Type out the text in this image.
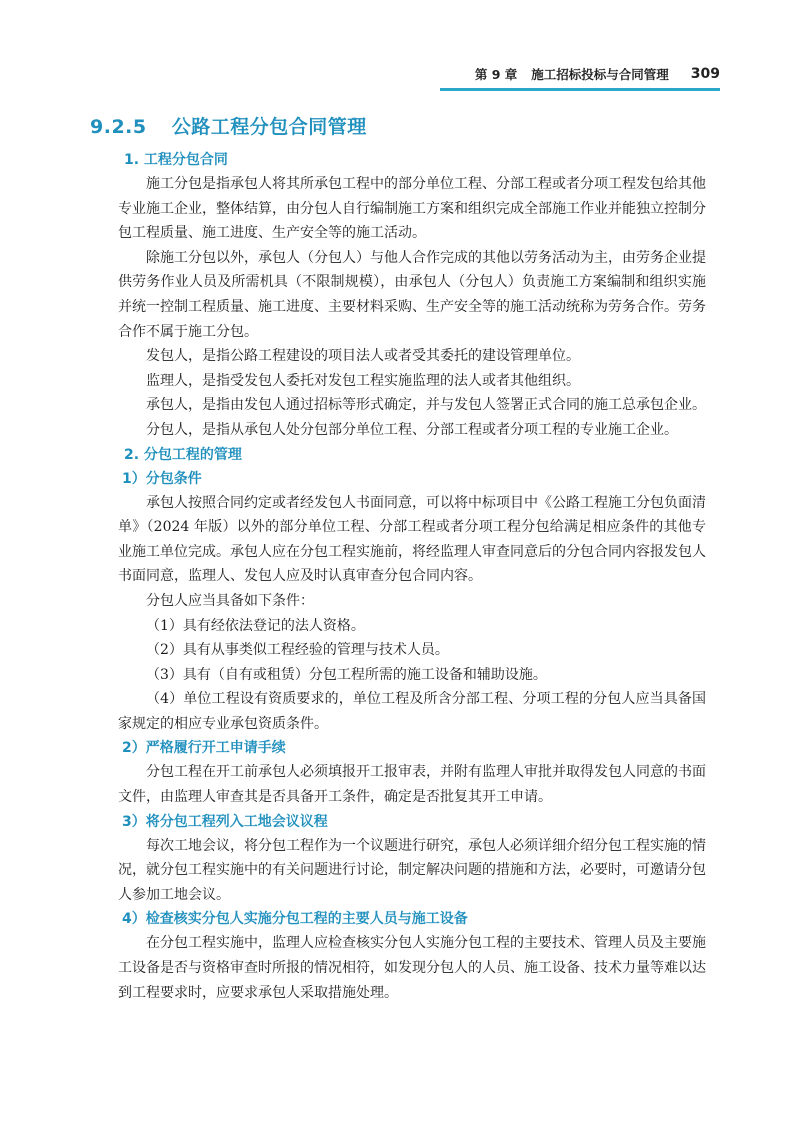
第 9 章 施工招标投标与合同管理 309
9.2.5 公路工程分包合同管理
1. 工程分包合同

施工分包是指承包人将其所承包工程中的部分单位工程、分部工程或者分项工程发包给其他专业施工企业，整体结算，由分包人自行编制施工方案和组织完成全部施工作业并能独立控制分包工程质量、施工进度、生产安全等的施工活动。

除施工分包以外，承包人（分包人）与他人合作完成的其他以劳务活动为主，由劳务企业提供劳务作业人员及所需机具（不限制规模），由承包人（分包人）负责施工方案编制和组织实施并统一控制工程质量、施工进度、主要材料采购、生产安全等的施工活动统称为劳务合作。劳务合作不属于施工分包。

发包人，是指公路工程建设的项目法人或者受其委托的建设管理单位。

监理人，是指受发包人委托对发包工程实施监理的法人或者其他组织。

承包人，是指由发包人通过招标等形式确定，并与发包人签署正式合同的施工总承包企业。

分包人，是指从承包人处分包部分单位工程、分部工程或者分项工程的专业施工企业。

2. 分包工程的管理
1）分包条件

承包人按照合同约定或者经发包人书面同意，可以将中标项目中《公路工程施工分包负面清单》（2024 年版）以外的部分单位工程、分部工程或者分项工程分包给满足相应条件的其他专业施工单位完成。承包人应在分包工程实施前，将经监理人审查同意后的分包合同内容报发包人书面同意，监理人、发包人应及时认真审查分包合同内容。

分包人应当具备如下条件：

（1）具有经依法登记的法人资格。

（2）具有从事类似工程经验的管理与技术人员。

（3）具有（自有或租赁）分包工程所需的施工设备和辅助设施。

（4）单位工程设有资质要求的，单位工程及所含分部工程、分项工程的分包人应当具备国家规定的相应专业承包资质条件。

2）严格履行开工申请手续

分包工程在开工前承包人必须填报开工报审表，并附有监理人审批并取得发包人同意的书面文件，由监理人审查其是否具备开工条件，确定是否批复其开工申请。

3）将分包工程列入工地会议议程

每次工地会议，将分包工程作为一个议题进行研究，承包人必须详细介绍分包工程实施的情况，就分包工程实施中的有关问题进行讨论，制定解决问题的措施和方法，必要时，可邀请分包人参加工地会议。

4）检查核实分包人实施分包工程的主要人员与施工设备

在分包工程实施中，监理人应检查核实分包人实施分包工程的主要技术、管理人员及主要施工设备是否与资格审查时所报的情况相符，如发现分包人的人员、施工设备、技术力量等难以达到工程要求时，应要求承包人采取措施处理。
